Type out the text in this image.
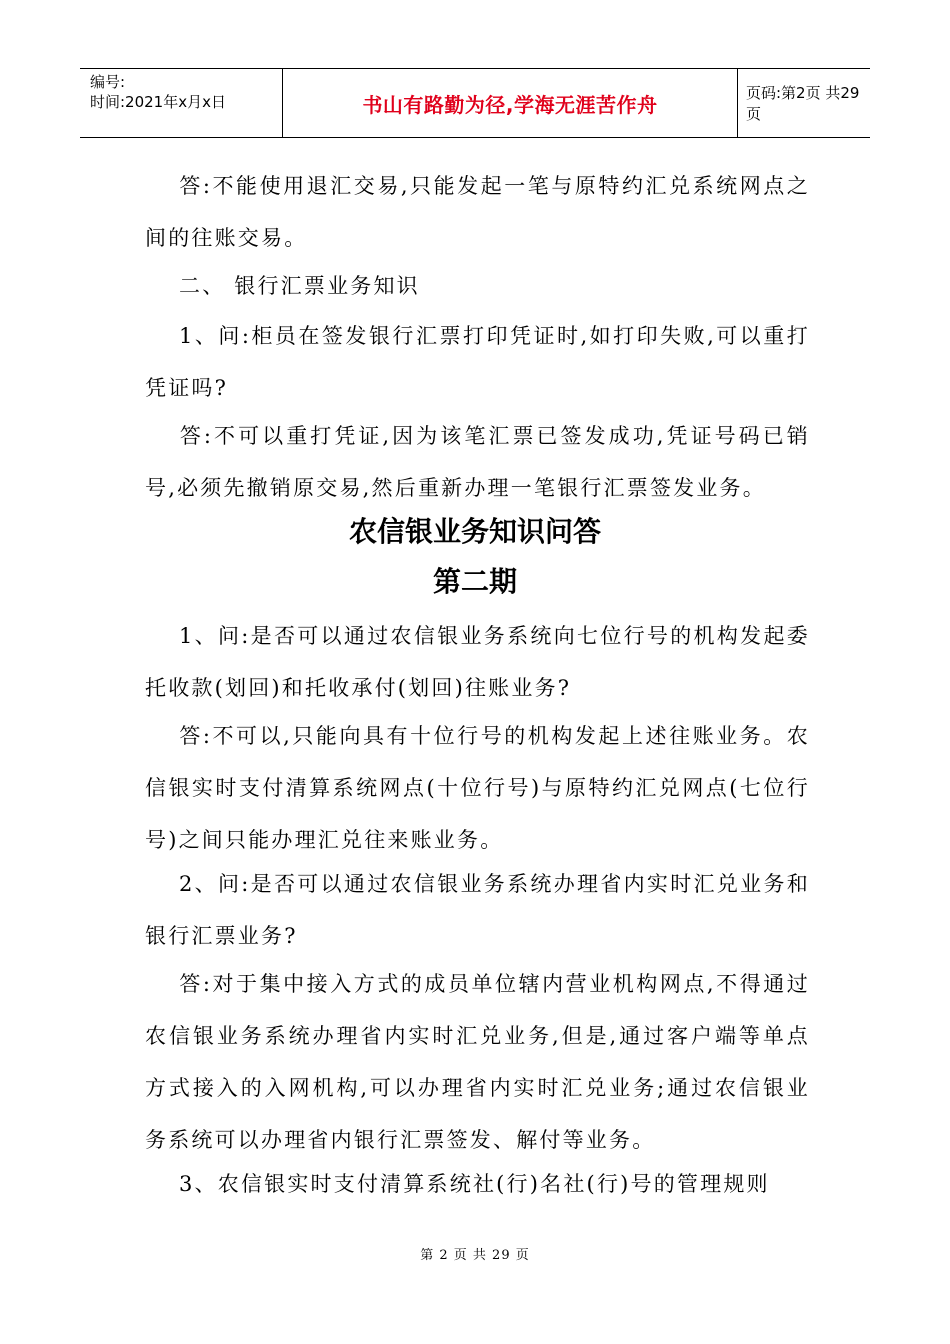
编号:
时间:2021年x月x日	书山有路勤为径,学海无涯苦作舟	页码:第2页 共29页
答:不能使用退汇交易,只能发起一笔与原特约汇兑系统网点之间的往账交易。
二、 银行汇票业务知识
1、问:柜员在签发银行汇票打印凭证时,如打印失败,可以重打凭证吗?
答:不可以重打凭证,因为该笔汇票已签发成功,凭证号码已销号,必须先撤销原交易,然后重新办理一笔银行汇票签发业务。
农信银业务知识问答
第二期
1、问:是否可以通过农信银业务系统向七位行号的机构发起委托收款(划回)和托收承付(划回)往账业务?
答:不可以,只能向具有十位行号的机构发起上述往账业务。农信银实时支付清算系统网点(十位行号)与原特约汇兑网点(七位行号)之间只能办理汇兑往来账业务。
2、问:是否可以通过农信银业务系统办理省内实时汇兑业务和银行汇票业务?
答:对于集中接入方式的成员单位辖内营业机构网点,不得通过农信银业务系统办理省内实时汇兑业务,但是,通过客户端等单点方式接入的入网机构,可以办理省内实时汇兑业务;通过农信银业务系统可以办理省内银行汇票签发、解付等业务。
3、农信银实时支付清算系统社(行)名社(行)号的管理规则
第 2 页 共 29 页
